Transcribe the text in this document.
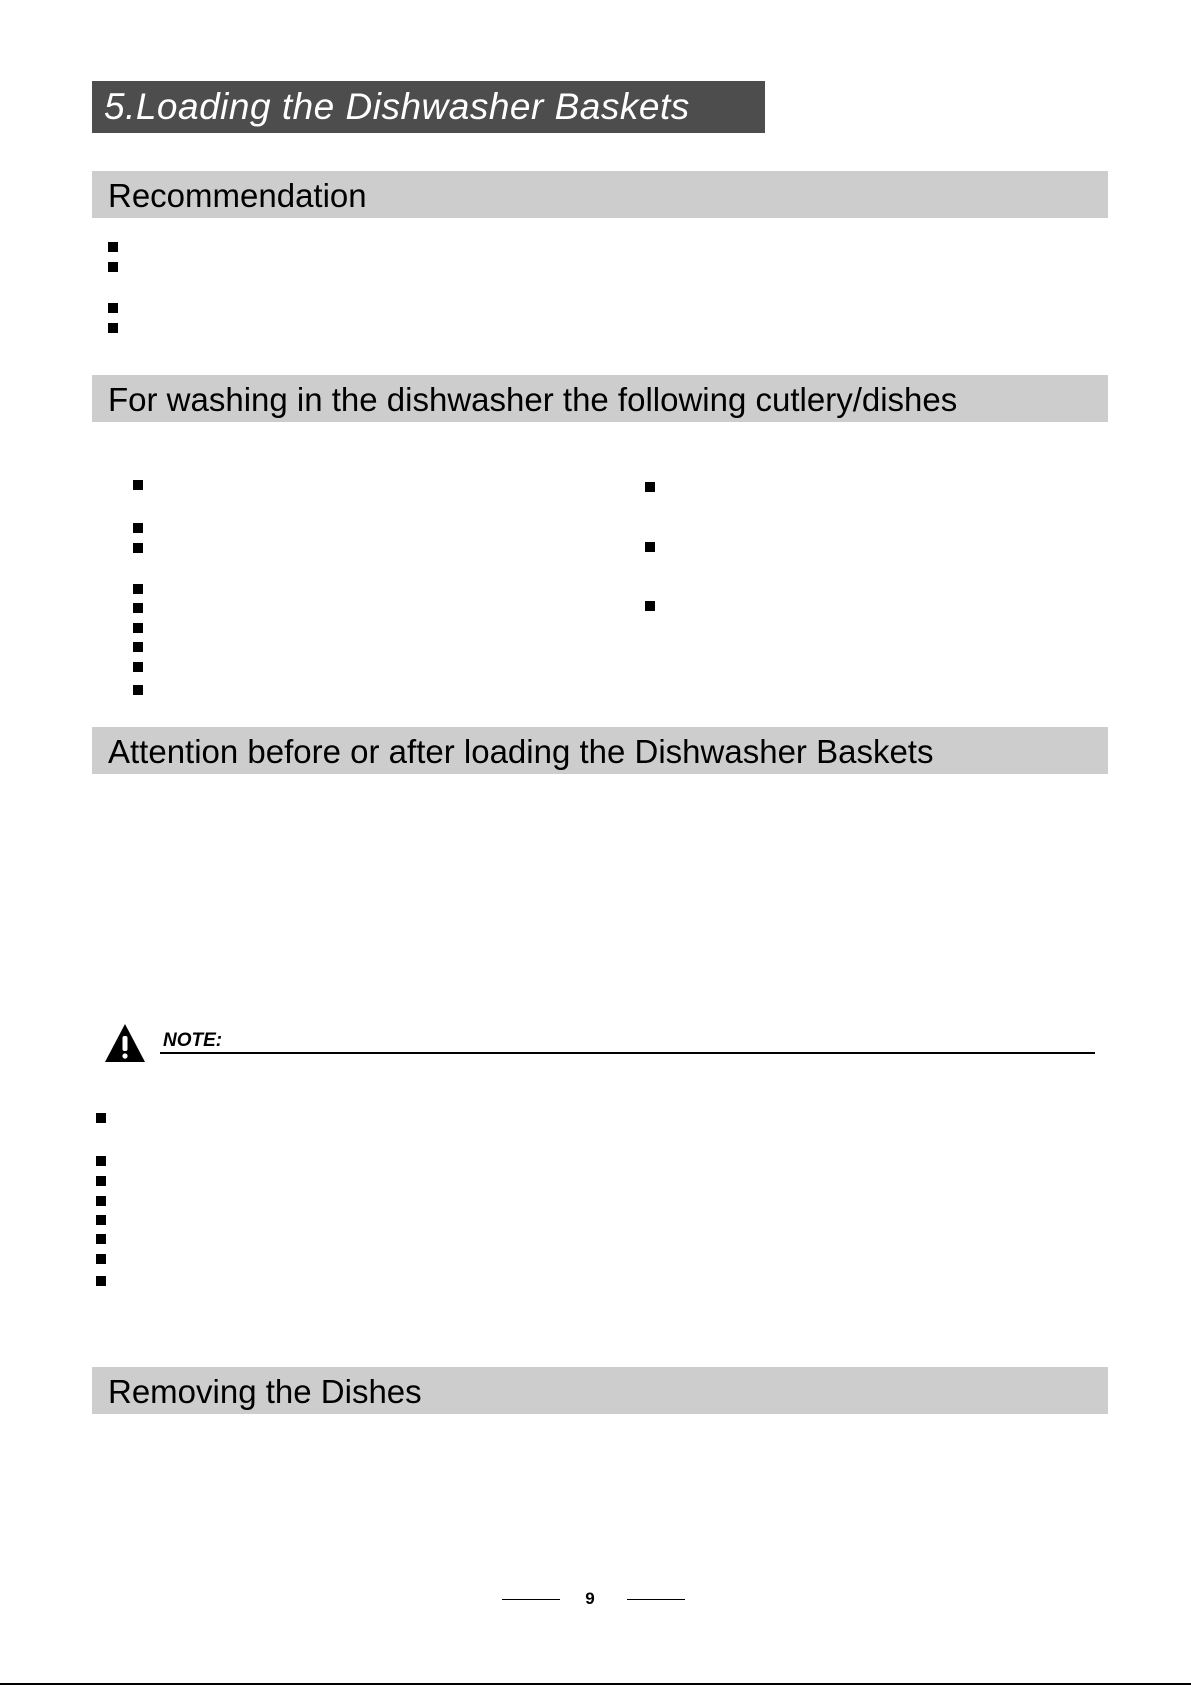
5.Loading the Dishwasher Baskets
Recommendation
For washing in the dishwasher the following cutlery/dishes
Attention before or after loading the Dishwasher Baskets
NOTE:
Removing the Dishes
9
